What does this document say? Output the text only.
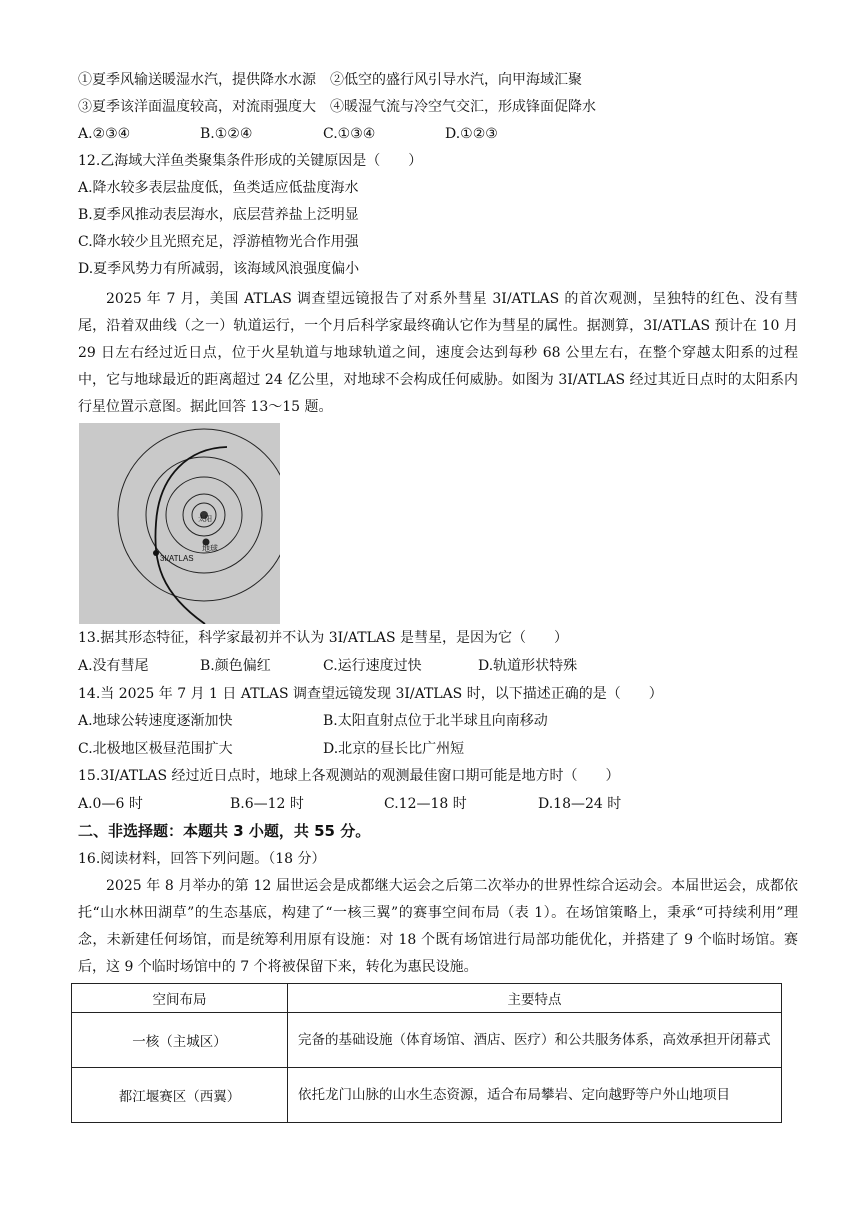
①夏季风输送暖湿水汽，提供降水水源　②低空的盛行风引导水汽，向甲海域汇聚
③夏季该洋面温度较高，对流雨强度大　④暖湿气流与冷空气交汇，形成锋面促降水
A.②③④	B.①②④	C.①③④	D.①②③
12.乙海域大洋鱼类聚集条件形成的关键原因是（　　）
A.降水较多表层盐度低，鱼类适应低盐度海水
B.夏季风推动表层海水，底层营养盐上泛明显
C.降水较少且光照充足，浮游植物光合作用强
D.夏季风势力有所减弱，该海域风浪强度偏小
2025 年 7 月，美国 ATLAS 调查望远镜报告了对系外彗星 3I/ATLAS 的首次观测，呈独特的红色、没有彗尾，沿着双曲线（之一）轨道运行，一个月后科学家最终确认它作为彗星的属性。据测算，3I/ATLAS 预计在 10 月 29 日左右经过近日点，位于火星轨道与地球轨道之间，速度会达到每秒 68 公里左右，在整个穿越太阳系的过程中，它与地球最近的距离超过 24 亿公里，对地球不会构成任何威胁。如图为 3I/ATLAS 经过其近日点时的太阳系内行星位置示意图。据此回答 13～15 题。
太阳
地球
3I/ATLAS
13.据其形态特征，科学家最初并不认为 3I/ATLAS 是彗星，是因为它（　　）
A.没有彗尾	B.颜色偏红	C.运行速度过快	D.轨道形状特殊
14.当 2025 年 7 月 1 日 ATLAS 调查望远镜发现 3I/ATLAS 时，以下描述正确的是（　　）
A.地球公转速度逐渐加快	B.太阳直射点位于北半球且向南移动
C.北极地区极昼范围扩大	D.北京的昼长比广州短
15.3I/ATLAS 经过近日点时，地球上各观测站的观测最佳窗口期可能是地方时（　　）
A.0—6 时	B.6—12 时	C.12—18 时	D.18—24 时
二、非选择题：本题共 3 小题，共 55 分。
16.阅读材料，回答下列问题。（18 分）
2025 年 8 月举办的第 12 届世运会是成都继大运会之后第二次举办的世界性综合运动会。本届世运会，成都依托“山水林田湖草”的生态基底，构建了“一核三翼”的赛事空间布局（表 1）。在场馆策略上，秉承“可持续利用”理念，未新建任何场馆，而是统筹利用原有设施：对 18 个既有场馆进行局部功能优化，并搭建了 9 个临时场馆。赛后，这 9 个临时场馆中的 7 个将被保留下来，转化为惠民设施。
空间布局	主要特点
一核（主城区）	完备的基础设施（体育场馆、酒店、医疗）和公共服务体系，高效承担开闭幕式
都江堰赛区（西翼）	依托龙门山脉的山水生态资源，适合布局攀岩、定向越野等户外山地项目
